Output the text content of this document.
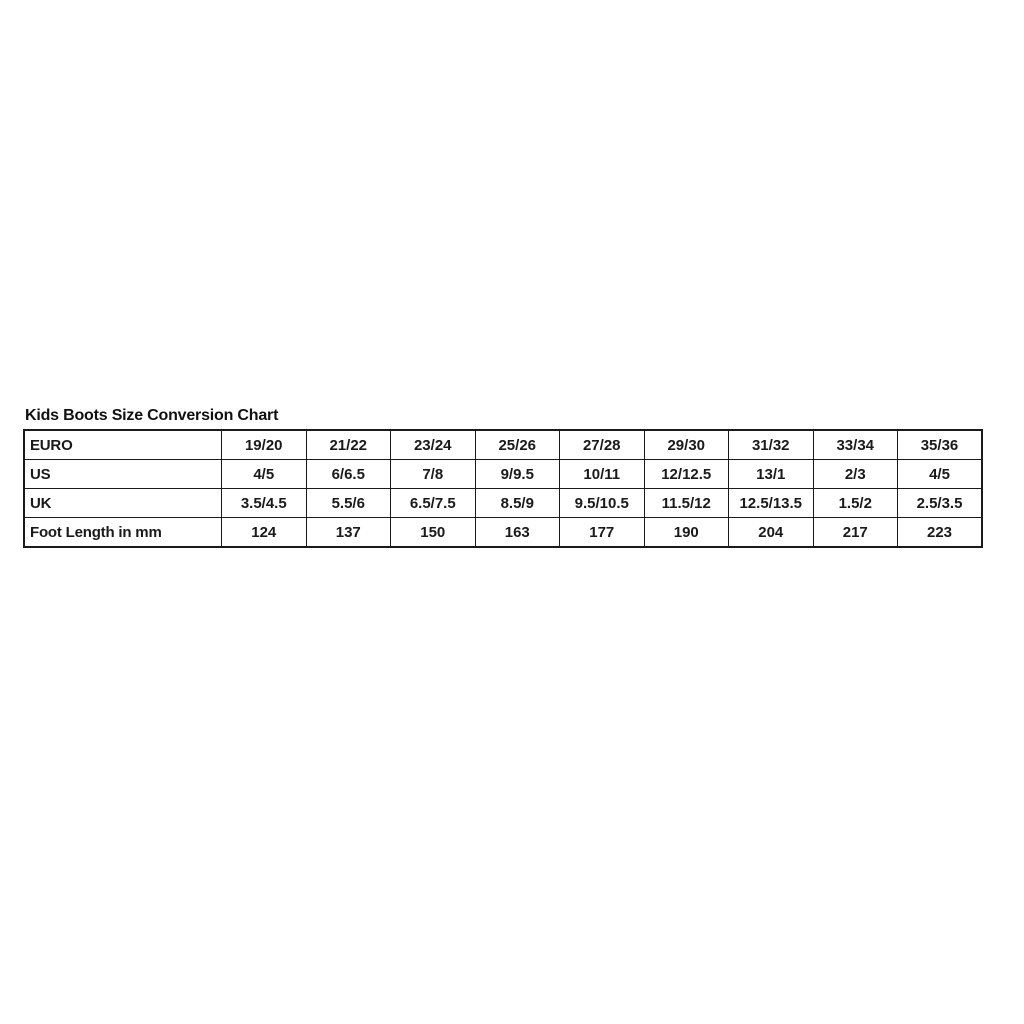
Kids Boots Size Conversion Chart
EURO	19/20	21/22	23/24	25/26	27/28	29/30	31/32	33/34	35/36
US	4/5	6/6.5	7/8	9/9.5	10/11	12/12.5	13/1	2/3	4/5
UK	3.5/4.5	5.5/6	6.5/7.5	8.5/9	9.5/10.5	11.5/12	12.5/13.5	1.5/2	2.5/3.5
Foot Length in mm	124	137	150	163	177	190	204	217	223
